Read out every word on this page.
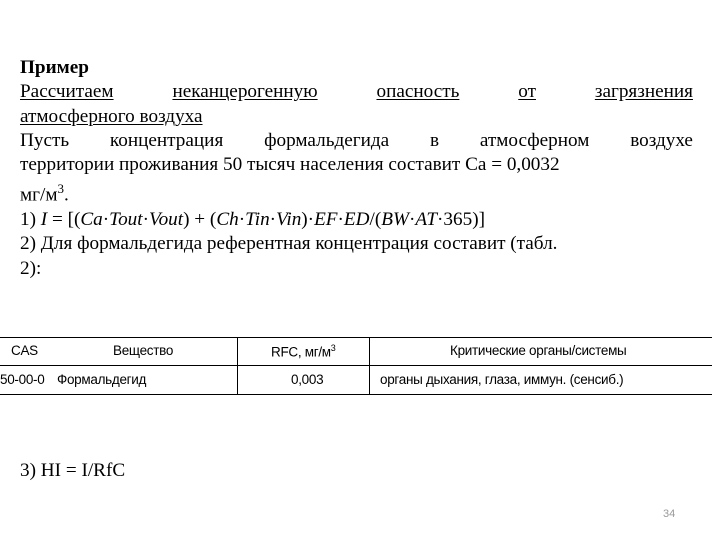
Пример
Рассчитаем	неканцерогенную	опасность	от	загрязнения
атмосферного воздуха
Пусть концентрация формальдегида в атмосферном воздухе
территории проживания 50 тысяч населения составит Ca = 0,0032
$мг/м^3$.
1) I = [(Ca·Tout·Vout) + (Ch·Tin·Vin)·EF·ED/(BW·AT·365)]
2) Для формальдегида референтная концентрация составит (табл.
2):
CAS	Вещество	RFC, $мг/м^3$	Критические органы/системы
50-00-0 Формальдегид	0,003	органы дыхания, глаза, иммун. (сенсиб.)
3) HI = I/RfC
34
